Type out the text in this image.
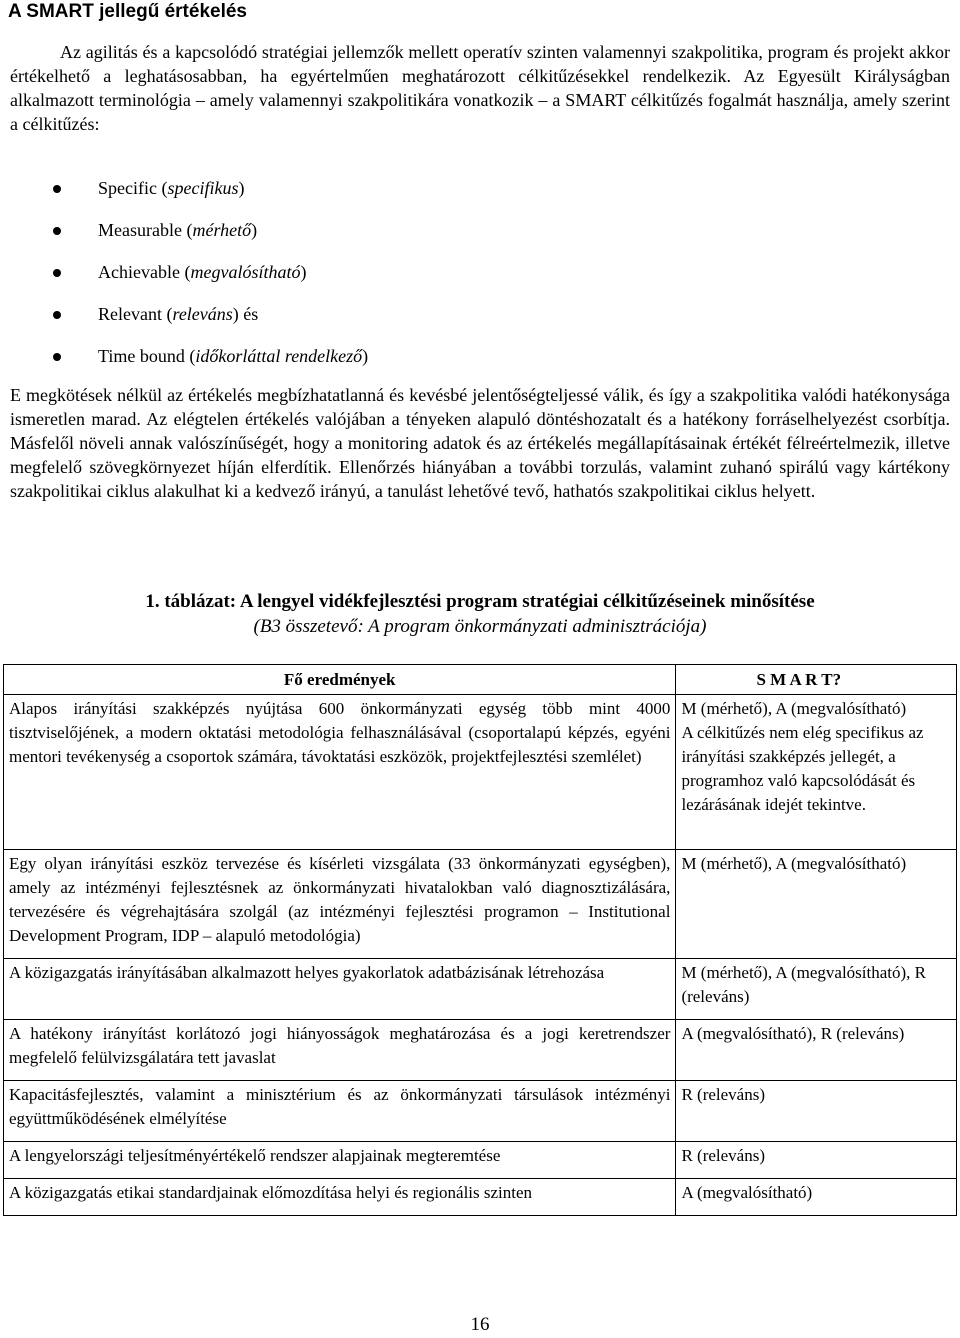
A SMART jellegű értékelés
Az agilitás és a kapcsolódó stratégiai jellemzők mellett operatív szinten valamennyi szakpolitika, program és projekt akkor értékelhető a leghatásosabban, ha egyértelműen meghatározott célkitűzésekkel rendelkezik. Az Egyesült Királyságban alkalmazott terminológia – amely valamennyi szakpolitikára vonatkozik – a SMART célkitűzés fogalmát használja, amely szerint a célkitűzés:
Specific (specifikus)
Measurable (mérhető)
Achievable (megvalósítható)
Relevant (releváns) és
Time bound (időkorláttal rendelkező)
E megkötések nélkül az értékelés megbízhatatlanná és kevésbé jelentőségteljessé válik, és így a szakpolitika valódi hatékonysága ismeretlen marad. Az elégtelen értékelés valójában a tényeken alapuló döntéshozatalt és a hatékony forráselhelyezést csorbítja. Másfelől növeli annak valószínűségét, hogy a monitoring adatok és az értékelés megállapításainak értékét félreértelmezik, illetve megfelelő szövegkörnyezet híján elferdítik. Ellenőrzés hiányában a további torzulás, valamint zuhanó spirálú vagy kártékony szakpolitikai ciklus alakulhat ki a kedvező irányú, a tanulást lehetővé tevő, hathatós szakpolitikai ciklus helyett.
1. táblázat: A lengyel vidékfejlesztési program stratégiai célkitűzéseinek minősítése
(B3 összetevő: A program önkormányzati adminisztrációja)
Fő eredmények	S M A R T?
Alapos irányítási szakképzés nyújtása 600 önkormányzati egység több mint 4000 tisztviselőjének, a modern oktatási metodológia felhasználásával (csoportalapú képzés, egyéni mentori tevékenység a csoportok számára, távoktatási eszközök, projektfejlesztési szemlélet)	M (mérhető), A (megvalósítható)
A célkitűzés nem elég specifikus az irányítási szakképzés jellegét, a programhoz való kapcsolódását és lezárásának idejét tekintve.

Egy olyan irányítási eszköz tervezése és kísérleti vizsgálata (33 önkormányzati egységben), amely az intézményi fejlesztésnek az önkormányzati hivatalokban való diagnosztizálására, tervezésére és végrehajtására szolgál (az intézményi fejlesztési programon – Institutional Development Program, IDP – alapuló metodológia)	M (mérhető), A (megvalósítható)
A közigazgatás irányításában alkalmazott helyes gyakorlatok adatbázisának létrehozása	M (mérhető), A (megvalósítható), R (releváns)
A hatékony irányítást korlátozó jogi hiányosságok meghatározása és a jogi keretrendszer megfelelő felülvizsgálatára tett javaslat	A (megvalósítható), R (releváns)
Kapacitásfejlesztés, valamint a minisztérium és az önkormányzati társulások intézményi együttműködésének elmélyítése	R (releváns)
A lengyelországi teljesítményértékelő rendszer alapjainak megteremtése	R (releváns)
A közigazgatás etikai standardjainak előmozdítása helyi és regionális szinten	A (megvalósítható)
16
